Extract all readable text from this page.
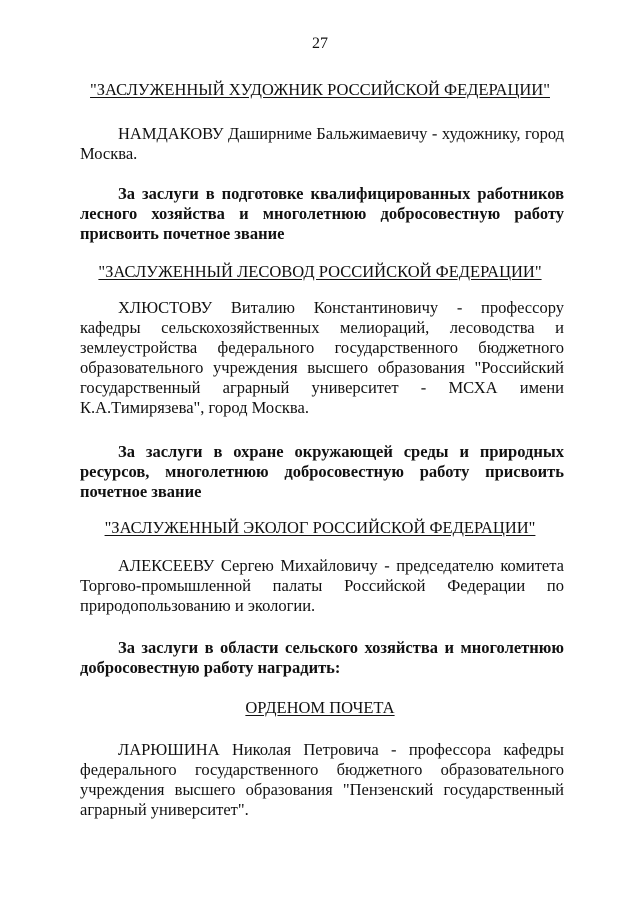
27
"ЗАСЛУЖЕННЫЙ ХУДОЖНИК РОССИЙСКОЙ ФЕДЕРАЦИИ"

НАМДАКОВУ Даширниме Бальжимаевичу - художнику, город Москва.

За заслуги в подготовке квалифицированных работников лесного хозяйства и многолетнюю добросовестную работу присвоить почетное звание

"ЗАСЛУЖЕННЫЙ ЛЕСОВОД РОССИЙСКОЙ ФЕДЕРАЦИИ"

ХЛЮСТОВУ Виталию Константиновичу - профессору кафедры сельскохозяйственных мелиораций, лесоводства и землеустройства федерального государственного бюджетного образовательного учреждения высшего образования "Российский государственный аграрный университет - МСХА имени К.А.Тимирязева", город Москва.

За заслуги в охране окружающей среды и природных ресурсов, многолетнюю добросовестную работу присвоить почетное звание

"ЗАСЛУЖЕННЫЙ ЭКОЛОГ РОССИЙСКОЙ ФЕДЕРАЦИИ"

АЛЕКСЕЕВУ Сергею Михайловичу - председателю комитета Торгово-промышленной палаты Российской Федерации по природопользованию и экологии.

За заслуги в области сельского хозяйства и многолетнюю добросовестную работу наградить:

ОРДЕНОМ ПОЧЕТА

ЛАРЮШИНА Николая Петровича - профессора кафедры федерального государственного бюджетного образовательного учреждения высшего образования "Пензенский государственный аграрный университет".
